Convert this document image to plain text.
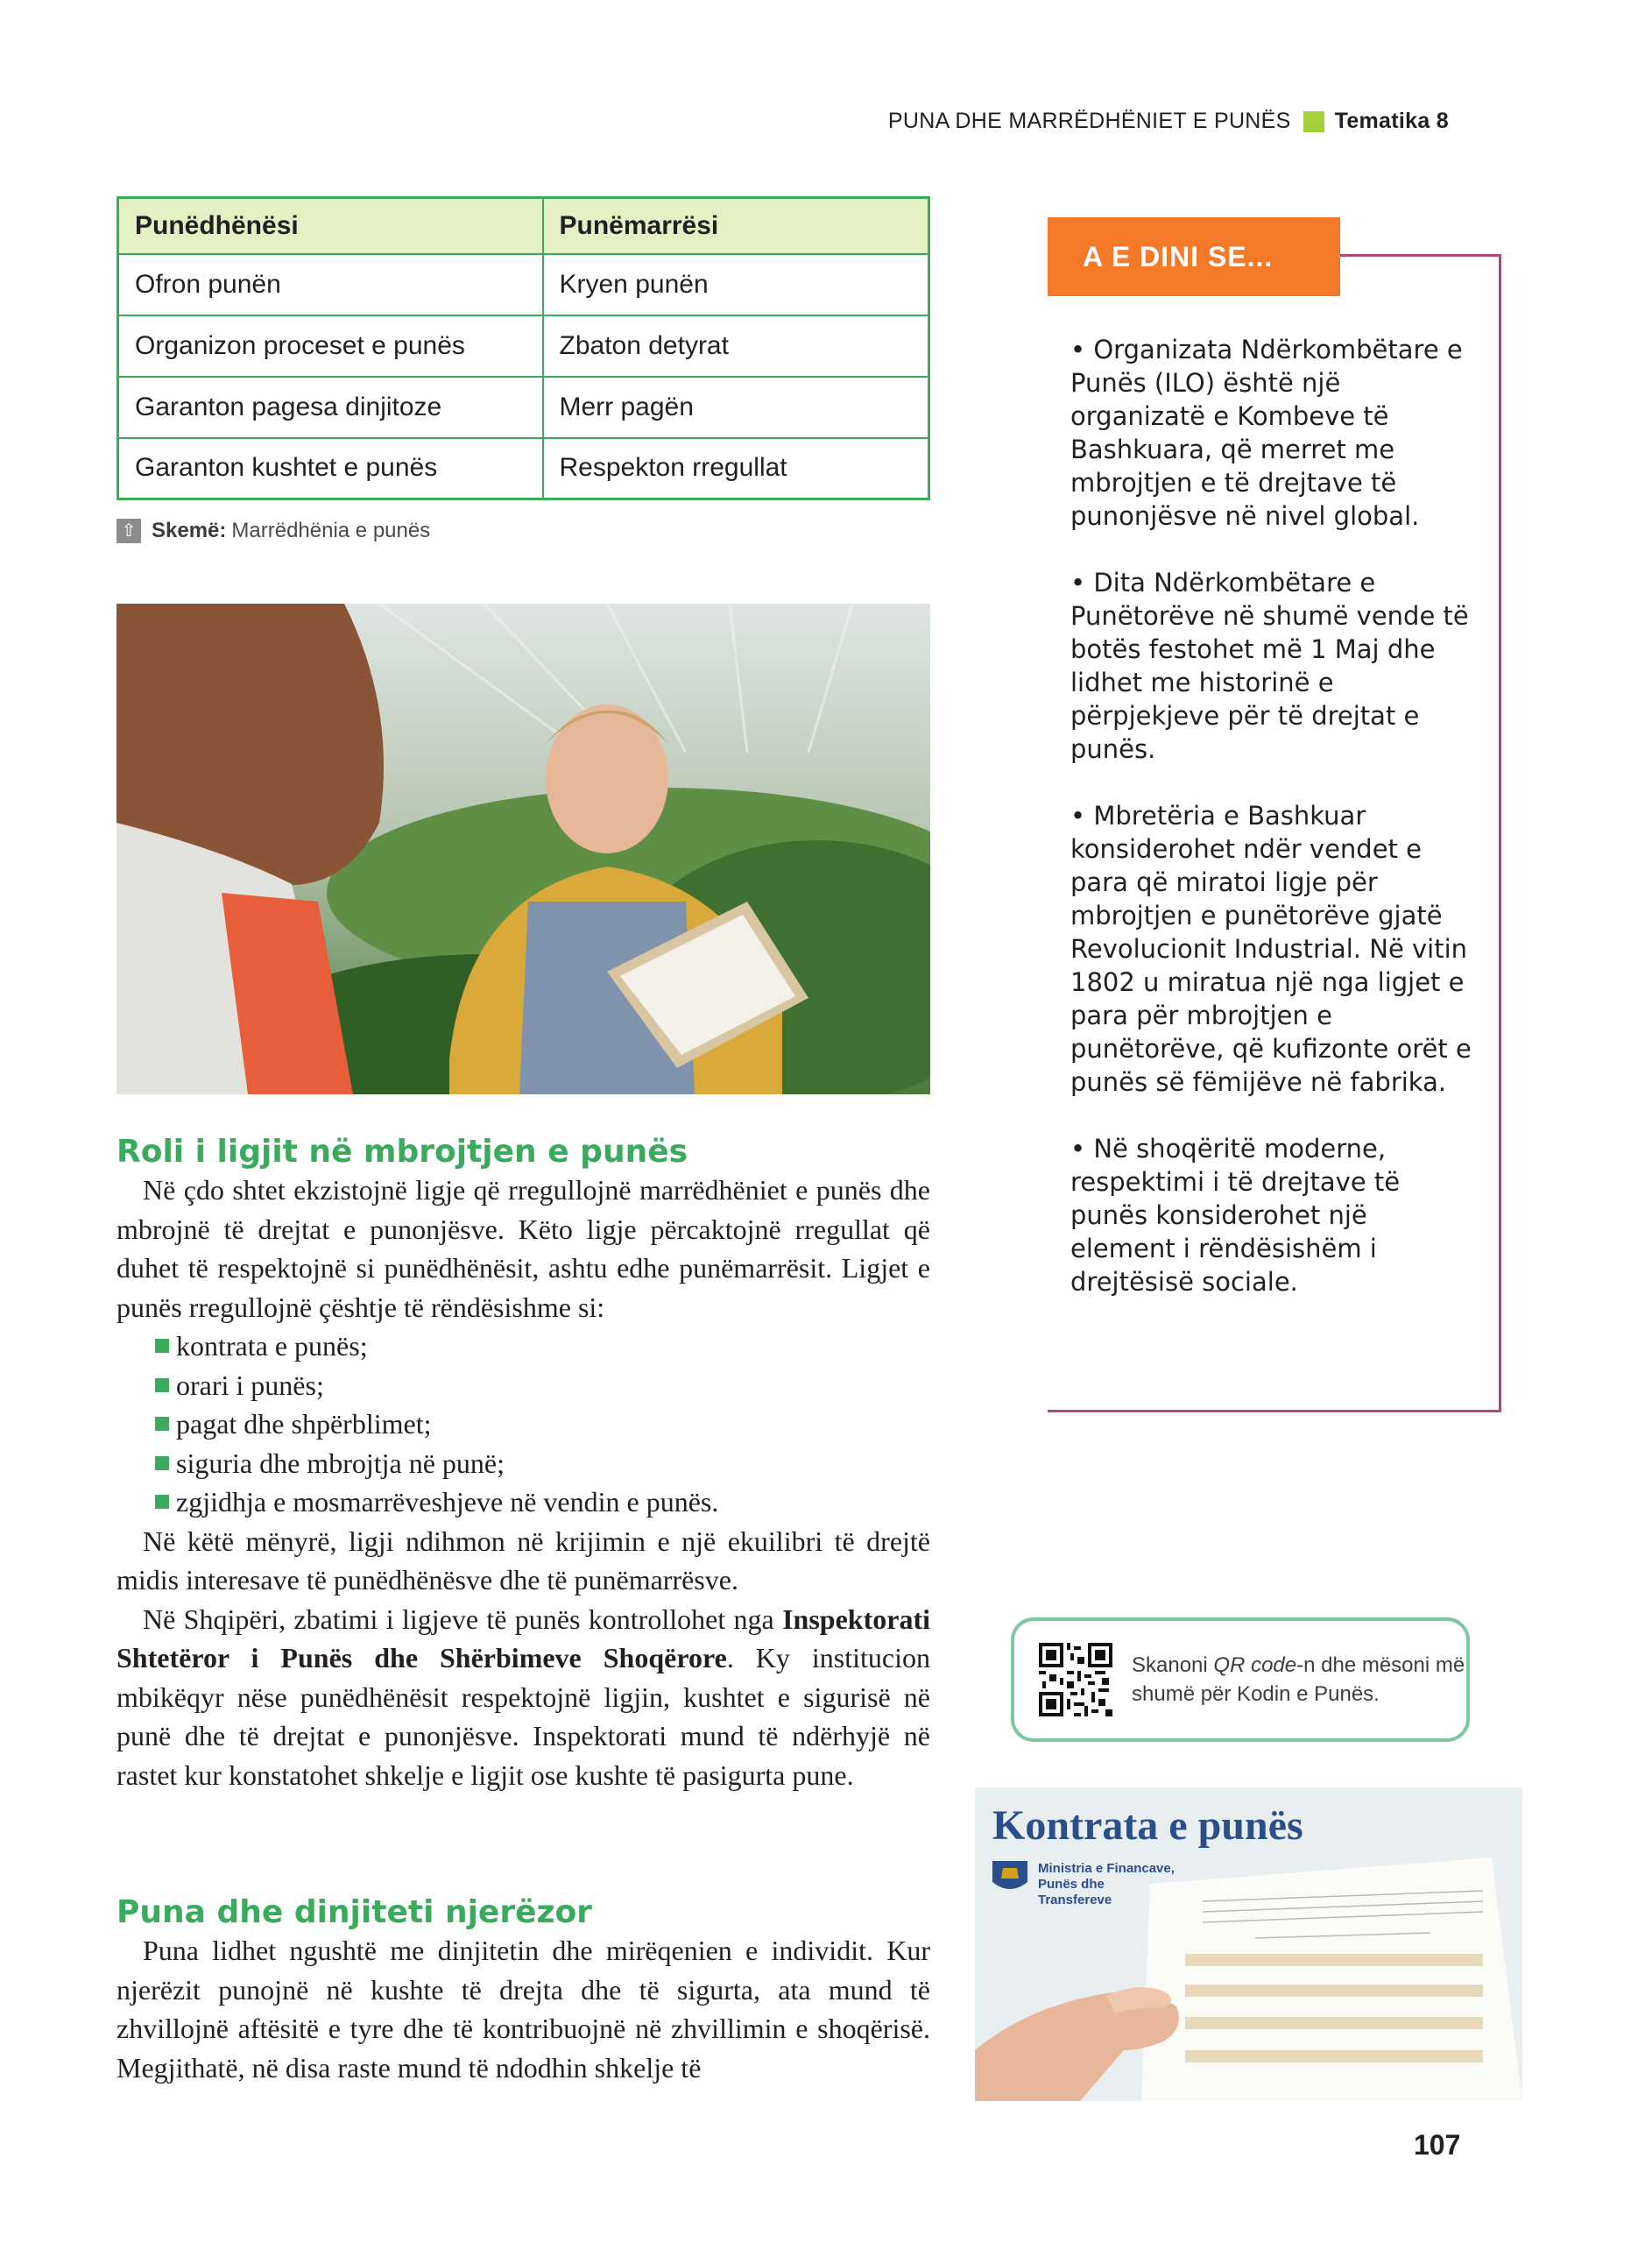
PUNA DHE MARRËDHËNIET E PUNËS Tematika 8
Punëdhënësi	Punëmarrësi
Ofron punën	Kryen punën
Organizon proceset e punës	Zbaton detyrat
Garanton pagesa dinjitoze	Merr pagën
Garanton kushtet e punës	Respekton rregullat
⇧ Skemë: Marrëdhënia e punës
Roli i ligjit në mbrojtjen e punës

Në çdo shtet ekzistojnë ligje që rregullojnë marrëdhëniet e punës dhe mbrojnë të drejtat e punonjësve. Këto ligje përcaktojnë rregullat që duhet të respektojnë si punëdhënësit, ashtu edhe punëmarrësit. Ligjet e punës rregullojnë çështje të rëndësishme si:

kontrata e punës;
orari i punës;
pagat dhe shpërblimet;
siguria dhe mbrojtja në punë;
zgjidhja e mosmarrëveshjeve në vendin e punës.

Në këtë mënyrë, ligji ndihmon në krijimin e një ekuilibri të drejtë midis interesave të punëdhënësve dhe të punëmarrësve.

Në Shqipëri, zbatimi i ligjeve të punës kontrollohet nga Inspektorati Shtetëror i Punës dhe Shërbimeve Shoqërore. Ky institucion mbikëqyr nëse punëdhënësit respektojnë ligjin, kushtet e sigurisë në punë dhe të drejtat e punonjësve. Inspektorati mund të ndërhyjë në rastet kur konstatohet shkelje e ligjit ose kushte të pasigurta pune.

Puna dhe dinjiteti njerëzor

Puna lidhet ngushtë me dinjitetin dhe mirëqenien e individit. Kur njerëzit punojnë në kushte të drejta dhe të sigurta, ata mund të zhvillojnë aftësitë e tyre dhe të kontribuojnë në zhvillimin e shoqërisë. Megjithatë, në disa raste mund të ndodhin shkelje të

A E DINI SE...

• Organizata Ndërkombëtare e Punës (ILO) është një organizatë e Kombeve të Bashkuara, që merret me mbrojtjen e të drejtave të punonjësve në nivel global.

• Dita Ndërkombëtare e Punëtorëve në shumë vende të botës festohet më 1 Maj dhe lidhet me historinë e përpjekjeve për të drejtat e punës.

• Mbretëria e Bashkuar konsiderohet ndër vendet e para që miratoi ligje për mbrojtjen e punëtorëve gjatë Revolucionit Industrial. Në vitin 1802 u miratua një nga ligjet e para për mbrojtjen e punëtorëve, që kufizonte orët e punës së fëmijëve në fabrika.

• Në shoqëritë moderne, respektimi i të drejtave të punës konsiderohet një element i rëndësishëm i drejtësisë sociale.

Skanoni QR code-n dhe mësoni më shumë për Kodin e Punës.
Kontrata e punës
Ministria e Financave, Punës dhe Transfereve
107
